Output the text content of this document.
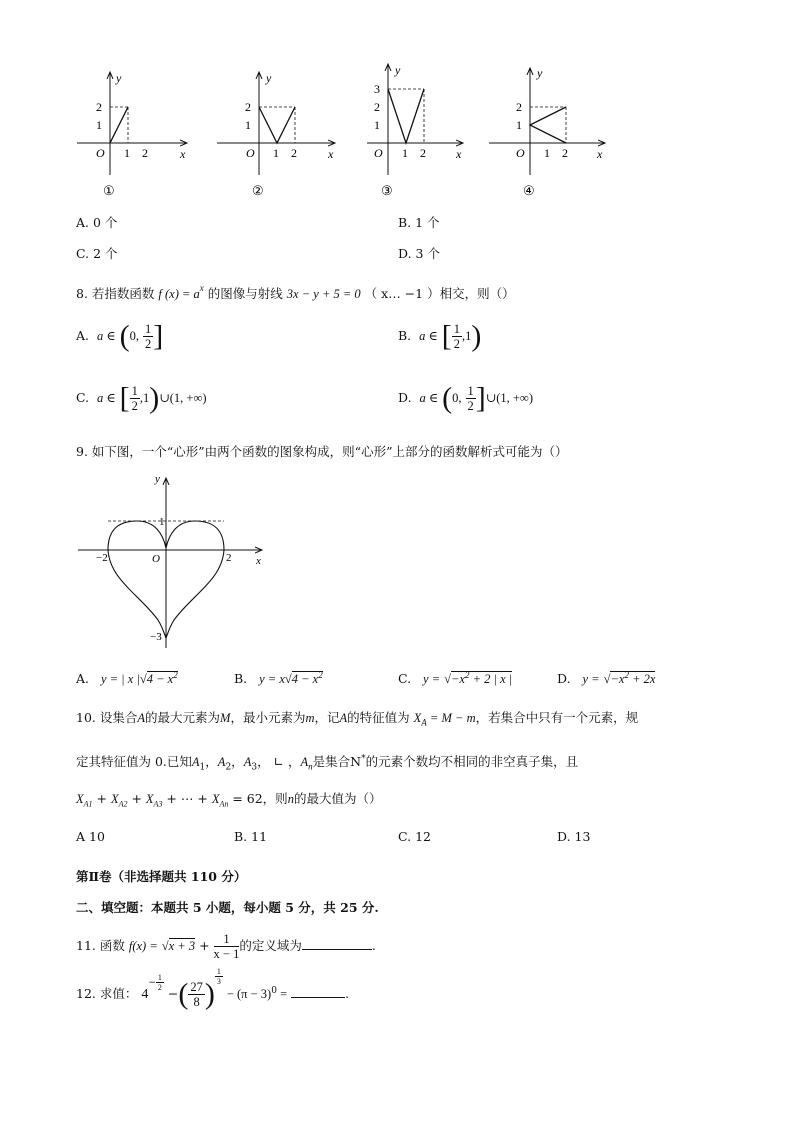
y
x
O
2
1
1 2
①
y
x
O
2
1
1 2
②
y
x
O
3
2
1
1 2
③
y
x
O
2
1
1 2
④
A. 0 个	B. 1 个
C. 2 个	D. 3 个
8. 若指数函数 f $(x) = a^x$ 的图像与射线 3x − y + 5 = 0 （ x… −1 ）相交，则（）
A. a ∈ (0, $\frac{1}{2}$ ]	B. a ∈ [ $\frac{1}{2} ,1$)
C. a ∈ [ $\frac{1}{2}$ ,1)∪(1, +∞)	D. a ∈ (0, $\frac{1}{2}$ ]∪(1, +∞)
9. 如下图，一个“心形”由两个函数的图象构成，则“心形”上部分的函数解析式可能为（）
y
x
O
1
−2	2
−3
A. y = | x $|√4 - x^2$	B. $y = x√4 - x^2$	C. $y = √-x^2 + 2$ | x |	D. $y = √-x^2 + 2x$
10. 设集合A的最大元素为M，最小元素为m，记A的特征值为 $X_A = M - m$，若集合中只有一个元素，规
定其特征值为 0.已知$A_1$，$A_2$，$A_3$， ∟ ，$A_n$是集合N*的元素个数均不相同的非空真子集，且
$X_{A1} + X_{A2} + X_{A3}$ + ⋯ + $X_{An} = 62$，则n的最大值为（）
A 10	B. 11	C. 12	D. 13
第Ⅱ卷（非选择题共 110 分）
二、填空题：本题共 5 小题，每小题 5 分，共 25 分.
11. 函数 $f(x) = √x + 3 + \frac{1}{x - 1}$ 的定义域为	.
12. 求值： $4^{- \frac{1}{2}}$
−( $\frac{27}{8}$ )
$^{\frac{1}{3}}$
− $(\pi - 3)^0$ =	.
